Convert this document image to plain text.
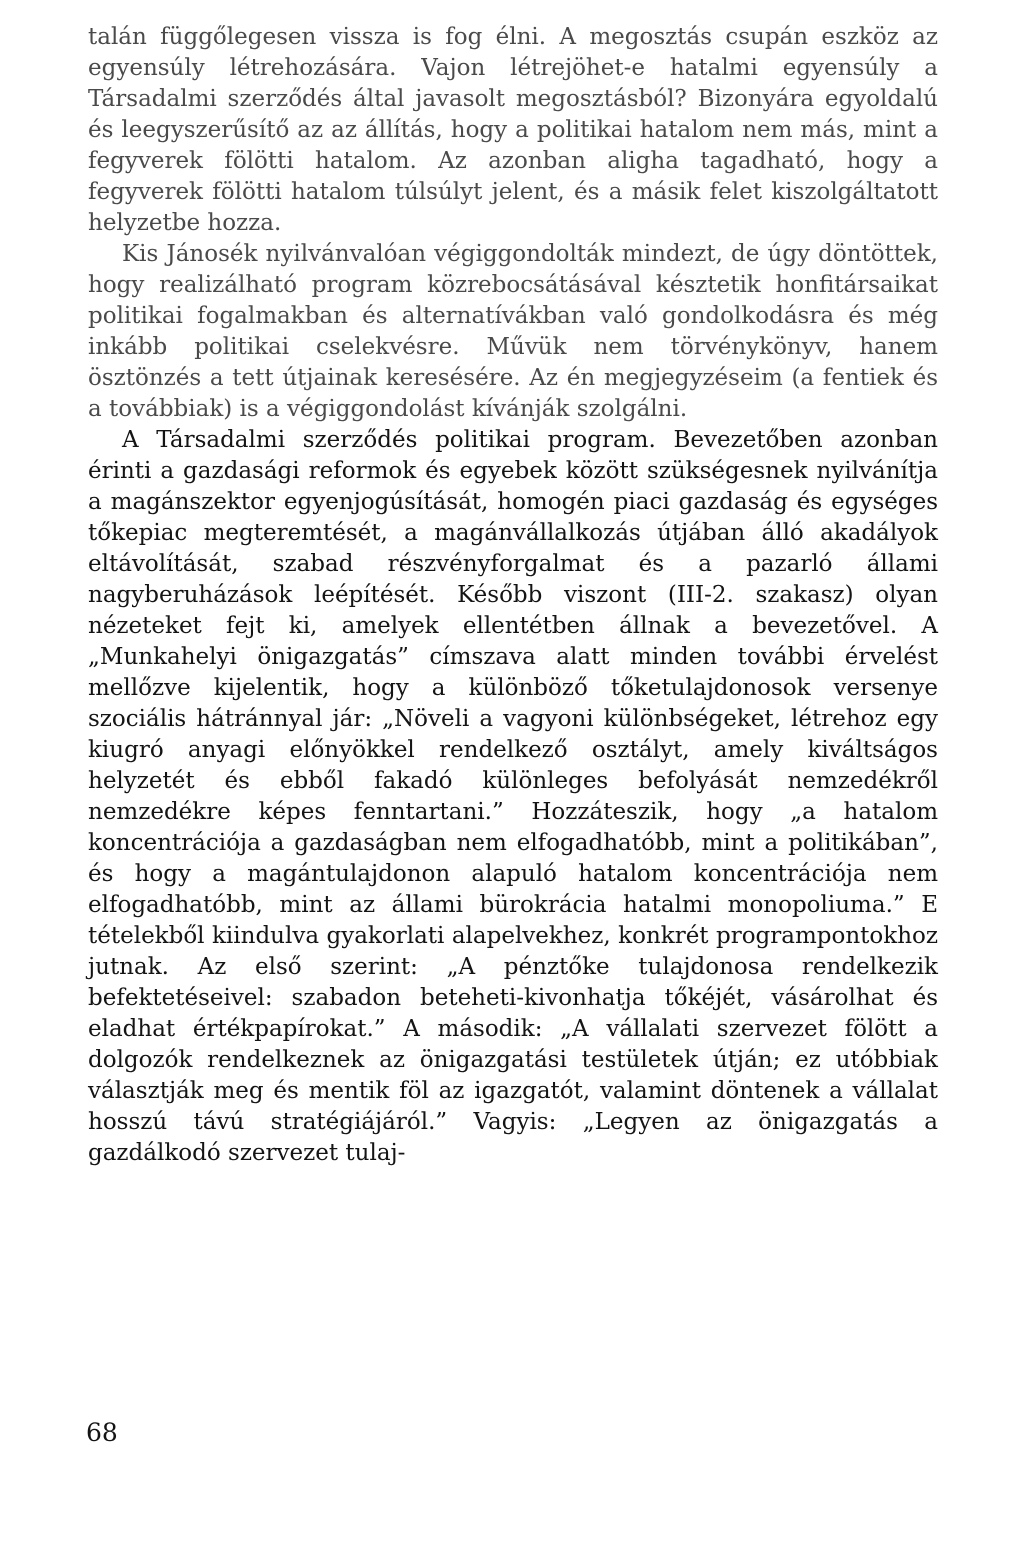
talán függőlegesen vissza is fog élni. A megosztás csupán eszköz az egyensúly létrehozására. Vajon létrejöhet-e hatalmi egyensúly a Társadalmi szerződés által javasolt megosztásból? Bizonyára egyoldalú és leegyszerűsítő az az állítás, hogy a politikai hatalom nem más, mint a fegyverek fölötti hatalom. Az azonban aligha tagadható, hogy a fegyverek fölötti hatalom túlsúlyt jelent, és a másik felet kiszolgáltatott helyzetbe hozza.

Kis Jánosék nyilvánvalóan végiggondolták mindezt, de úgy döntöttek, hogy realizálható program közrebocsátásával késztetik honfitársaikat politikai fogalmakban és alternatívákban való gondolkodásra és még inkább politikai cselekvésre. Művük nem törvénykönyv, hanem ösztönzés a tett útjainak keresésére. Az én megjegyzéseim (a fentiek és a továbbiak) is a végiggondolást kívánják szolgálni.

A Társadalmi szerződés politikai program. Bevezetőben azonban érinti a gazdasági reformok és egyebek között szükségesnek nyilvánítja a magánszektor egyenjogúsítását, homogén piaci gazdaság és egységes tőkepiac megteremtését, a magánvállalkozás útjában álló akadályok eltávolítását, szabad részvényforgalmat és a pazarló állami nagyberuházások leépítését. Később viszont (III-2. szakasz) olyan nézeteket fejt ki, amelyek ellentétben állnak a bevezetővel. A „Munkahelyi önigazgatás” címszava alatt minden további érvelést mellőzve kijelentik, hogy a különböző tőketulajdonosok versenye szociális hátránnyal jár: „Növeli a vagyoni különbségeket, létrehoz egy kiugró anyagi előnyökkel rendelkező osztályt, amely kiváltságos helyzetét és ebből fakadó különleges befolyását nemzedékről nemzedékre képes fenntartani.” Hozzáteszik, hogy „a hatalom koncentrációja a gazdaságban nem elfogadhatóbb, mint a politikában”, és hogy a magántulajdonon alapuló hatalom koncentrációja nem elfogadhatóbb, mint az állami bürokrácia hatalmi monopoliuma.” E tételekből kiindulva gyakorlati alapelvekhez, konkrét programpontokhoz jutnak. Az első szerint: „A pénztőke tulajdonosa rendelkezik befektetéseivel: szabadon beteheti-kivonhatja tőkéjét, vásárolhat és eladhat értékpapírokat.” A második: „A vállalati szervezet fölött a dolgozók rendelkeznek az önigazgatási testületek útján; ez utóbbiak választják meg és mentik föl az igazgatót, valamint döntenek a vállalat hosszú távú stratégiájáról.” Vagyis: „Legyen az önigazgatás a gazdálkodó szervezet tulaj-

68
